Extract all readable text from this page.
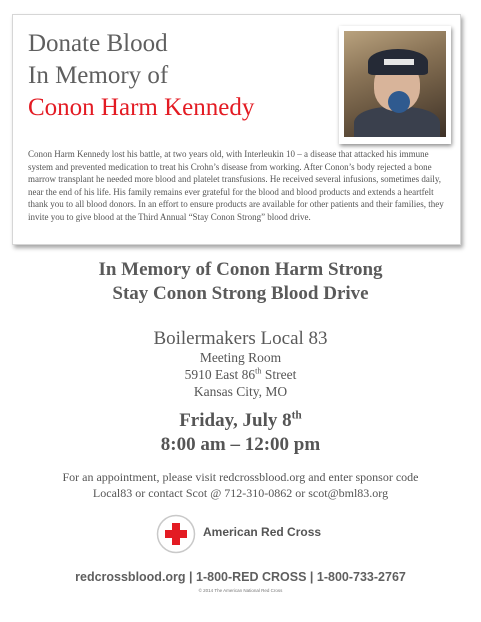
Donate Blood
In Memory of
Conon Harm Kennedy

Conon Harm Kennedy lost his battle, at two years old, with Interleukin 10 – a disease that attacked his immune system and prevented medication to treat his Crohn’s disease from working. After Conon’s body rejected a bone marrow transplant he needed more blood and platelet transfusions. He received several infusions, sometimes daily, near the end of his life. His family remains ever grateful for the blood and blood products and extends a heartfelt thank you to all blood donors. In an effort to ensure products are available for other patients and their families, they invite you to give blood at the Third Annual “Stay Conon Strong” blood drive.

In Memory of Conon Harm Strong
Stay Conon Strong Blood Drive
Boilermakers Local 83
Meeting Room
5910 East 86th Street
Kansas City, MO
Friday, July 8th
8:00 am – 12:00 pm
For an appointment, please visit redcrossblood.org and enter sponsor code
Local83 or contact Scot @ 712-310-0862 or scot@bml83.org
American Red Cross
redcrossblood.org | 1-800-RED CROSS | 1-800-733-2767
© 2014 The American National Red Cross
